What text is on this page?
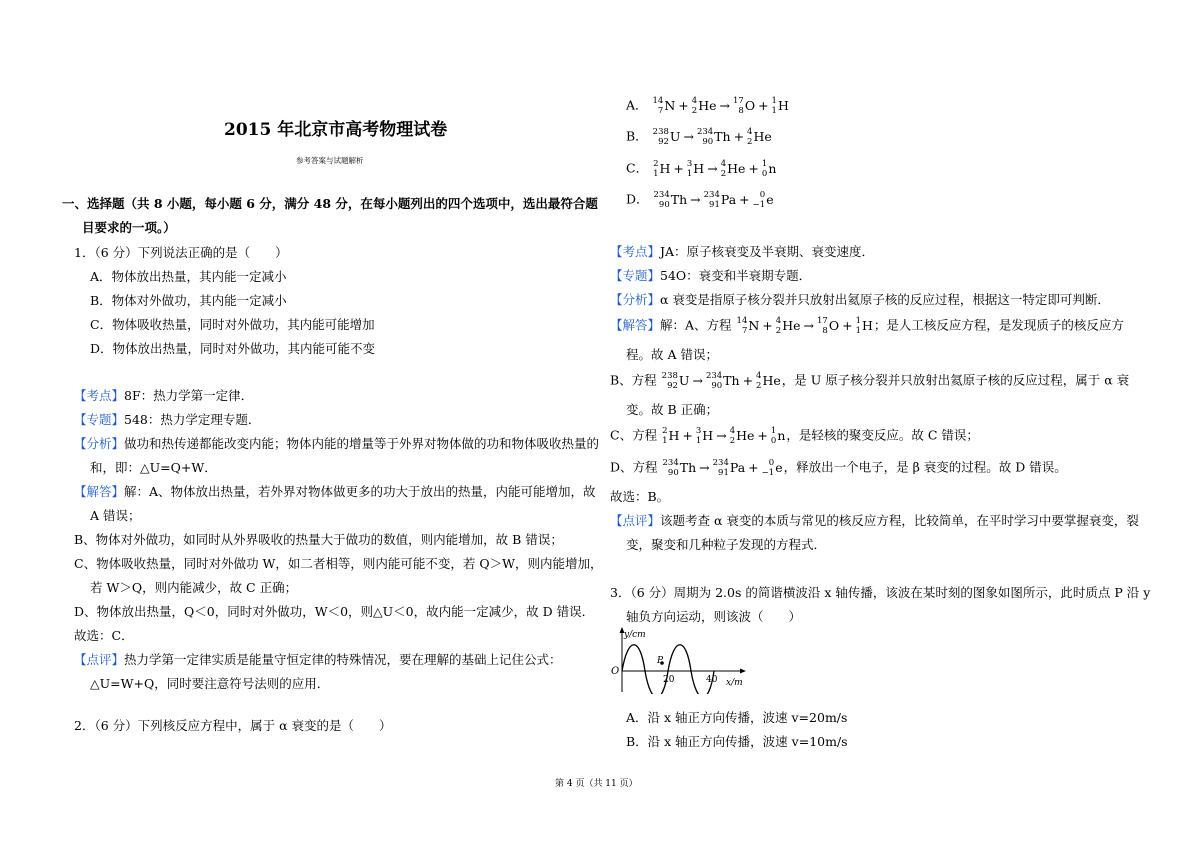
2015 年北京市高考物理试卷
参考答案与试题解析
一、选择题（共 8 小题，每小题 6 分，满分 48 分，在每小题列出的四个选项中，选出最符合题
目要求的一项。）
1．（6 分）下列说法正确的是（　　）
A．物体放出热量，其内能一定减小
B．物体对外做功，其内能一定减小
C．物体吸收热量，同时对外做功，其内能可能增加
D．物体放出热量，同时对外做功，其内能可能不变
【考点】8F：热力学第一定律．
【专题】548：热力学定理专题．
【分析】做功和热传递都能改变内能；物体内能的增量等于外界对物体做的功和物体吸收热量的
和，即：△U=Q+W．
【解答】解：A、物体放出热量，若外界对物体做更多的功大于放出的热量，内能可能增加，故
A 错误；
B、物体对外做功，如同时从外界吸收的热量大于做功的数值，则内能增加，故 B 错误；
C、物体吸收热量，同时对外做功 W，如二者相等，则内能可能不变，若 Q＞W，则内能增加，
若 W＞Q，则内能减少，故 C 正确；
D、物体放出热量，Q＜0，同时对外做功，W＜0，则△U＜0，故内能一定减少，故 D 错误．
故选：C．
【点评】热力学第一定律实质是能量守恒定律的特殊情况，要在理解的基础上记住公式：
△U=W+Q，同时要注意符号法则的应用．
2．（6 分）下列核反应方程中，属于 α 衰变的是（　　）
A． 14
7 N + 4
2 He → 17
8 O + 1
1 H
B． 238
92 U → 234
90 Th + 4
2 He
C． 2
1 H + 3
1 H → 4
2 He + 1
0 n
D． 234
90 Th → 234
91 Pa + 0
−1 e
【考点】JA：原子核衰变及半衰期、衰变速度．
【专题】54O：衰变和半衰期专题．
【分析】α 衰变是指原子核分裂并只放射出氦原子核的反应过程，根据这一特定即可判断．
【解答】解：A、方程 14
7 N + 4
2 He → 17
8 O + 1
1 H ；是人工核反应方程，是发现质子的核反应方
程。故 A 错误；
B、方程 238
92 U → 234
90 Th + 4
2 He ，是 U 原子核分裂并只放射出氦原子核的反应过程，属于 α 衰
变。故 B 正确；
C、方程 2
1 H + 3
1 H → 4
2 He + 1
0 n ，是轻核的聚变反应。故 C 错误；
D、方程 234
90 Th → 234
91 Pa + 0
−1 e ，释放出一个电子，是 β 衰变的过程。故 D 错误。
故选：B。
【点评】该题考查 α 衰变的本质与常见的核反应方程，比较简单，在平时学习中要掌握衰变，裂
变，聚变和几种粒子发现的方程式．
3．（6 分）周期为 2.0s 的简谐横波沿 x 轴传播，该波在某时刻的图象如图所示，此时质点 P 沿 y
轴负方向运动，则该波（　　）
y/cm
O
P
20	40 x/m
A．沿 x 轴正方向传播，波速 v=20m/s
B．沿 x 轴正方向传播，波速 v=10m/s
第 4 页（共 11 页）
